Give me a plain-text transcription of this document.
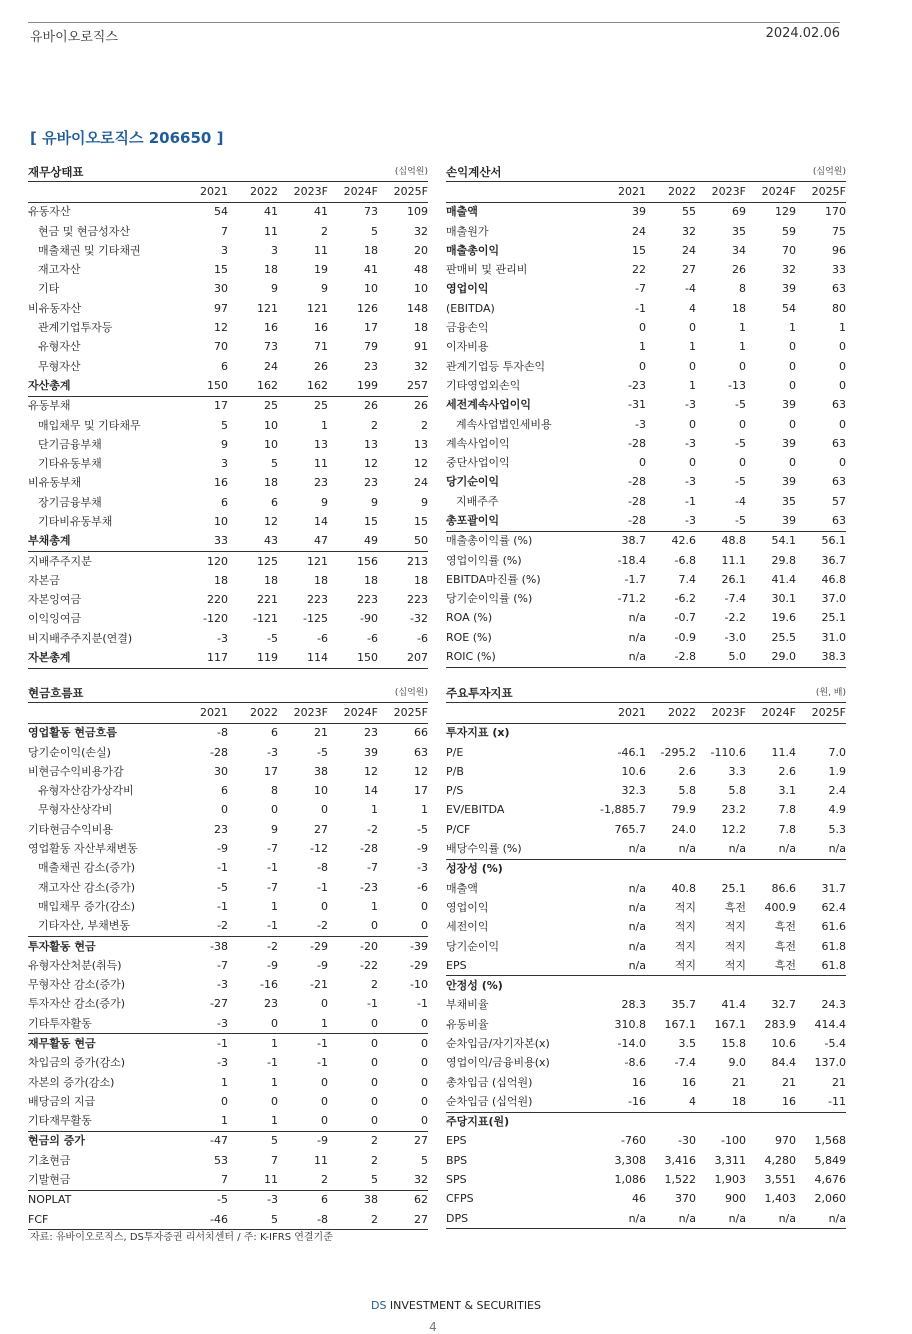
유바이오로직스	2024.02.06
[ 유바이오로직스 206650 ]
재무상태표					(십억원)
	2021	2022	2023F	2024F	2025F
유동자산	54	41	41	73	109
현금 및 현금성자산	7	11	2	5	32
매출채권 및 기타채권	3	3	11	18	20
재고자산	15	18	19	41	48
기타	30	9	9	10	10
비유동자산	97	121	121	126	148
관계기업투자등	12	16	16	17	18
유형자산	70	73	71	79	91
무형자산	6	24	26	23	32
자산총계	150	162	162	199	257
유동부채	17	25	25	26	26
매입채무 및 기타채무	5	10	1	2	2
단기금융부채	9	10	13	13	13
기타유동부채	3	5	11	12	12
비유동부채	16	18	23	23	24
장기금융부채	6	6	9	9	9
기타비유동부채	10	12	14	15	15
부채총계	33	43	47	49	50
지배주주지분	120	125	121	156	213
자본금	18	18	18	18	18
자본잉여금	220	221	223	223	223
이익잉여금	-120	-121	-125	-90	-32
비지배주주지분(연결)	-3	-5	-6	-6	-6
자본총계	117	119	114	150	207
손익계산서					(십억원)
	2021	2022	2023F	2024F	2025F
매출액	39	55	69	129	170
매출원가	24	32	35	59	75
매출총이익	15	24	34	70	96
판매비 및 관리비	22	27	26	32	33
영업이익	-7	-4	8	39	63
(EBITDA)	-1	4	18	54	80
금융손익	0	0	1	1	1
이자비용	1	1	1	0	0
관계기업등 투자손익	0	0	0	0	0
기타영업외손익	-23	1	-13	0	0
세전계속사업이익	-31	-3	-5	39	63
계속사업법인세비용	-3	0	0	0	0
계속사업이익	-28	-3	-5	39	63
중단사업이익	0	0	0	0	0
당기순이익	-28	-3	-5	39	63
지배주주	-28	-1	-4	35	57
총포괄이익	-28	-3	-5	39	63
매출총이익률 (%)	38.7	42.6	48.8	54.1	56.1
영업이익률 (%)	-18.4	-6.8	11.1	29.8	36.7
EBITDA마진률 (%)	-1.7	7.4	26.1	41.4	46.8
당기순이익률 (%)	-71.2	-6.2	-7.4	30.1	37.0
ROA (%)	n/a	-0.7	-2.2	19.6	25.1
ROE (%)	n/a	-0.9	-3.0	25.5	31.0
ROIC (%)	n/a	-2.8	5.0	29.0	38.3
현금흐름표					(십억원)
	2021	2022	2023F	2024F	2025F
영업활동 현금흐름	-8	6	21	23	66
당기순이익(손실)	-28	-3	-5	39	63
비현금수익비용가감	30	17	38	12	12
유형자산감가상각비	6	8	10	14	17
무형자산상각비	0	0	0	1	1
기타현금수익비용	23	9	27	-2	-5
영업활동 자산부채변동	-9	-7	-12	-28	-9
매출채권 감소(증가)	-1	-1	-8	-7	-3
재고자산 감소(증가)	-5	-7	-1	-23	-6
매입채무 증가(감소)	-1	1	0	1	0
기타자산, 부채변동	-2	-1	-2	0	0
투자활동 현금	-38	-2	-29	-20	-39
유형자산처분(취득)	-7	-9	-9	-22	-29
무형자산 감소(증가)	-3	-16	-21	2	-10
투자자산 감소(증가)	-27	23	0	-1	-1
기타투자활동	-3	0	1	0	0
재무활동 현금	-1	1	-1	0	0
차입금의 증가(감소)	-3	-1	-1	0	0
자본의 증가(감소)	1	1	0	0	0
배당금의 지급	0	0	0	0	0
기타재무활동	1	1	0	0	0
현금의 증가	-47	5	-9	2	27
기초현금	53	7	11	2	5
기말현금	7	11	2	5	32
NOPLAT	-5	-3	6	38	62
FCF	-46	5	-8	2	27
주요투자지표					(원, 배)
	2021	2022	2023F	2024F	2025F
투자지표 (x)					
P/E	-46.1	-295.2	-110.6	11.4	7.0
P/B	10.6	2.6	3.3	2.6	1.9
P/S	32.3	5.8	5.8	3.1	2.4
EV/EBITDA	-1,885.7	79.9	23.2	7.8	4.9
P/CF	765.7	24.0	12.2	7.8	5.3
배당수익률 (%)	n/a	n/a	n/a	n/a	n/a
성장성 (%)					
매출액	n/a	40.8	25.1	86.6	31.7
영업이익	n/a	적지	흑전	400.9	62.4
세전이익	n/a	적지	적지	흑전	61.6
당기순이익	n/a	적지	적지	흑전	61.8
EPS	n/a	적지	적지	흑전	61.8
안정성 (%)					
부채비율	28.3	35.7	41.4	32.7	24.3
유동비율	310.8	167.1	167.1	283.9	414.4
순차입금/자기자본(x)	-14.0	3.5	15.8	10.6	-5.4
영업이익/금융비용(x)	-8.6	-7.4	9.0	84.4	137.0
총차입금 (십억원)	16	16	21	21	21
순차입금 (십억원)	-16	4	18	16	-11
주당지표(원)					
EPS	-760	-30	-100	970	1,568
BPS	3,308	3,416	3,311	4,280	5,849
SPS	1,086	1,522	1,903	3,551	4,676
CFPS	46	370	900	1,403	2,060
DPS	n/a	n/a	n/a	n/a	n/a
자료: 유바이오로직스, DS투자증권 리서치센터 / 주: K-IFRS 연결기준
DS INVESTMENT & SECURITIES
4
